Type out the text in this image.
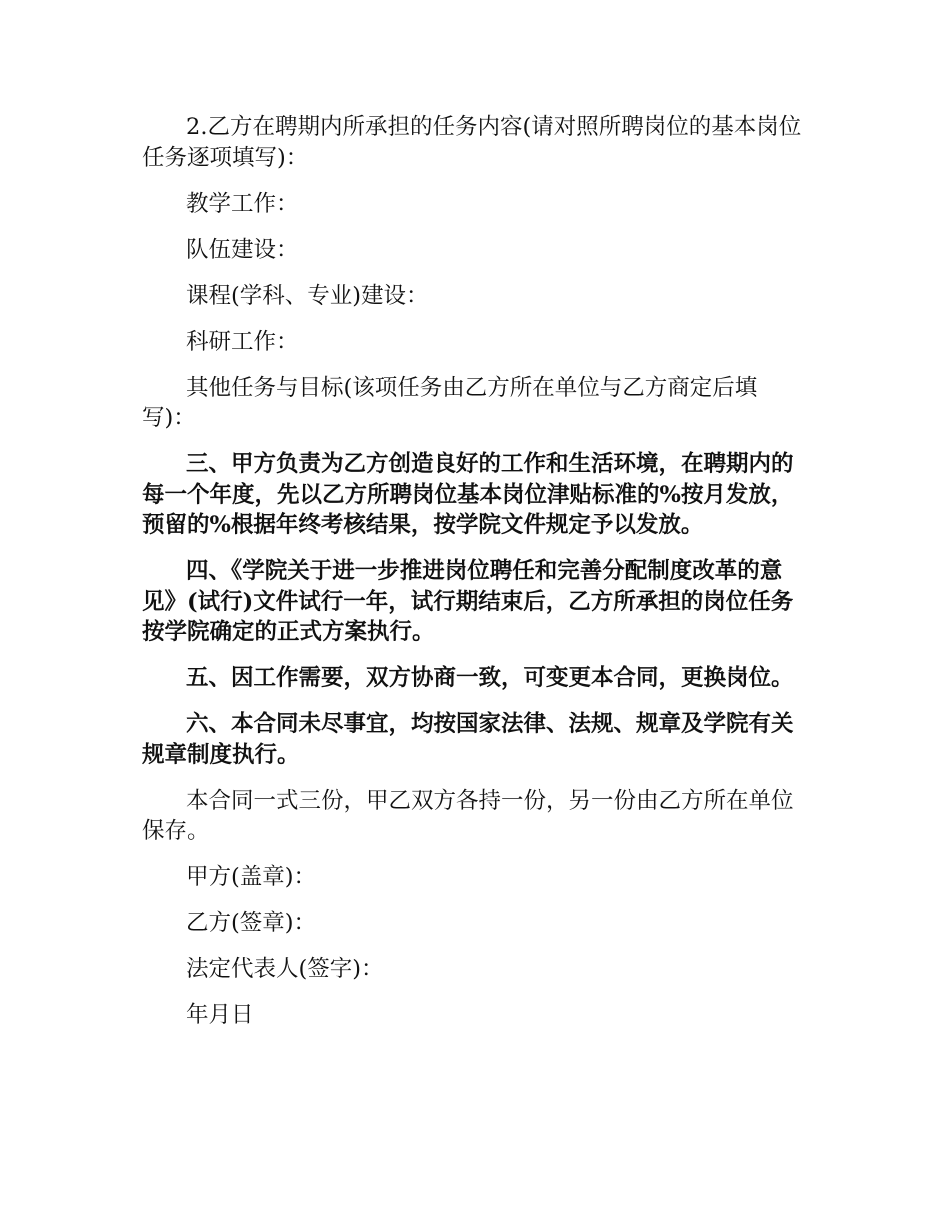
2.乙方在聘期内所承担的任务内容(请对照所聘岗位的基本岗位任务逐项填写)：

教学工作：

队伍建设：

课程(学科、专业)建设：

科研工作：

其他任务与目标(该项任务由乙方所在单位与乙方商定后填写)：

三、甲方负责为乙方创造良好的工作和生活环境，在聘期内的每一个年度，先以乙方所聘岗位基本岗位津贴标准的%按月发放，预留的%根据年终考核结果，按学院文件规定予以发放。

四、《学院关于进一步推进岗位聘任和完善分配制度改革的意见》(试行)文件试行一年，试行期结束后，乙方所承担的岗位任务按学院确定的正式方案执行。

五、因工作需要，双方协商一致，可变更本合同，更换岗位。

六、本合同未尽事宜，均按国家法律、法规、规章及学院有关规章制度执行。

本合同一式三份，甲乙双方各持一份，另一份由乙方所在单位保存。

甲方(盖章)：

乙方(签章)：

法定代表人(签字)：

年月日
